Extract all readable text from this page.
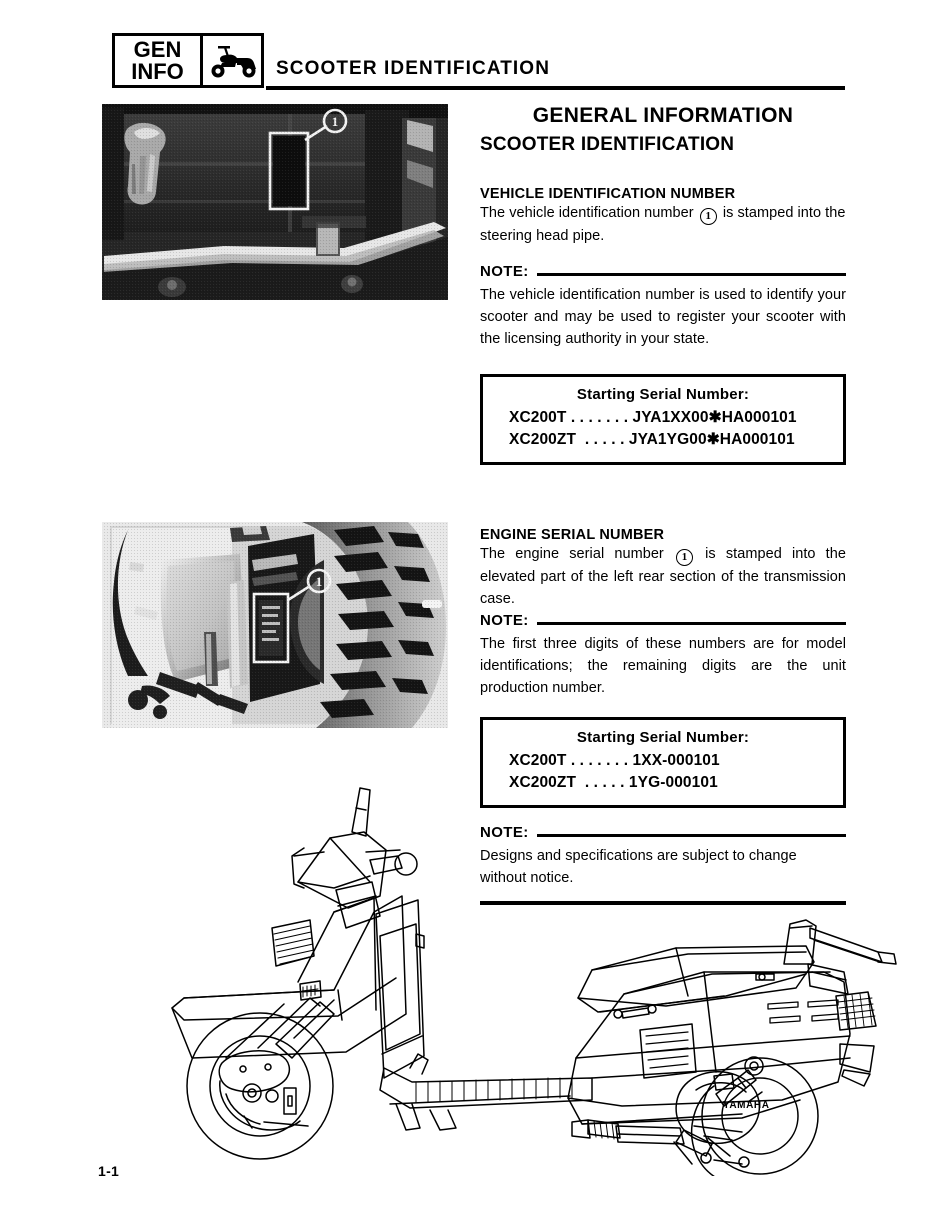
GEN
INFO	SCOOTER IDENTIFICATION
GENERAL INFORMATION
SCOOTER IDENTIFICATION
VEHICLE IDENTIFICATION NUMBER
The vehicle identification number 1 is stamped into the steering head pipe.
NOTE:
The vehicle identification number is used to identify your scooter and may be used to register your scooter with the licensing authority in your state.
Starting Serial Number:
XC200T . . . . . . . JYA1XX00✱HA000101
XC200ZT  . . . . . JYA1YG00✱HA000101
ENGINE SERIAL NUMBER
The engine serial number 1 is stamped into the elevated part of the left rear section of the transmission case.
NOTE:
The first three digits of these numbers are for model identifications; the remaining digits are the unit production number.
Starting Serial Number:
XC200T . . . . . . . 1XX-000101
XC200ZT  . . . . . 1YG-000101
NOTE:
Designs and specifications are subject to change without notice.
YAMAHA
1-1
